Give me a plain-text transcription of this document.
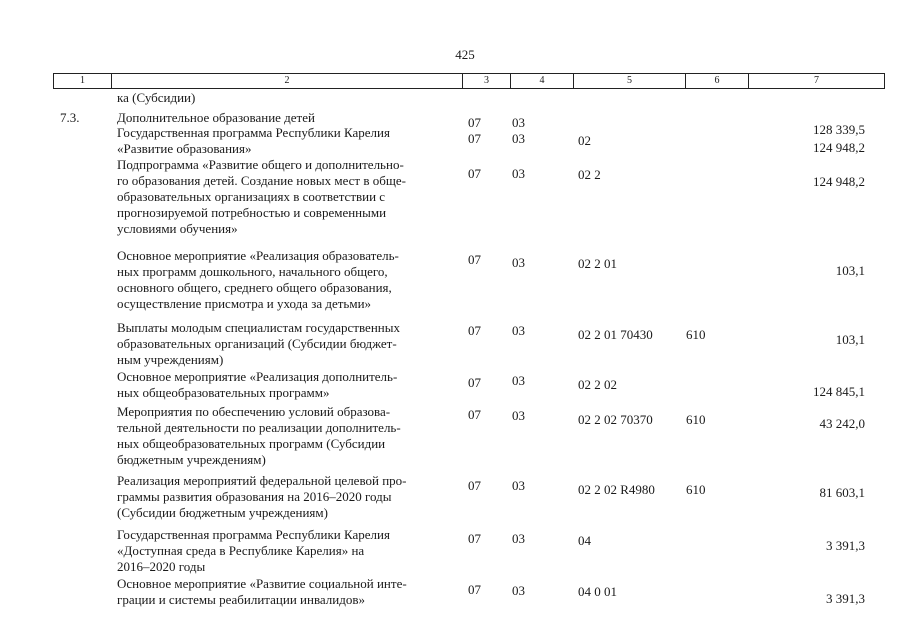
425
1	2	3	4	5	6	7
ка (Субсидии)
7.3.	Дополнительное образование детей	07 03	128 339,5
Государственная программа Республики Карелия
«Развитие образования»
07 03	02	124 948,2
Подпрограмма «Развитие общего и дополнительно-
го образования детей. Создание новых мест в обще-
образовательных организациях в соответствии с
прогнозируемой потребностью и современными
условиями обучения»
07 03	02 2	124 948,2
Основное мероприятие «Реализация образователь-
ных программ дошкольного, начального общего,
основного общего, среднего общего образования,
осуществление присмотра и ухода за детьми»
07 03	02 2 01	103,1
Выплаты молодым специалистам государственных
образовательных организаций (Субсидии бюджет-
ным учреждениям)
07 03	02 2 01 70430	610	103,1
Основное мероприятие «Реализация дополнитель-
ных общеобразовательных программ»
07 03	02 2 02	124 845,1
Мероприятия по обеспечению условий образова-
тельной деятельности по реализации дополнитель-
ных общеобразовательных программ (Субсидии
бюджетным учреждениям)
07 03	02 2 02 70370	610	43 242,0
Реализация мероприятий федеральной целевой про-
граммы развития образования на 2016–2020 годы
(Субсидии бюджетным учреждениям)
07 03	02 2 02 R4980 610	81 603,1
Государственная программа Республики Карелия
«Доступная среда в Республике Карелия» на
2016–2020 годы
07 03	04	3 391,3
Основное мероприятие «Развитие социальной инте-
грации и системы реабилитации инвалидов»
07 03	04 0 01	3 391,3
